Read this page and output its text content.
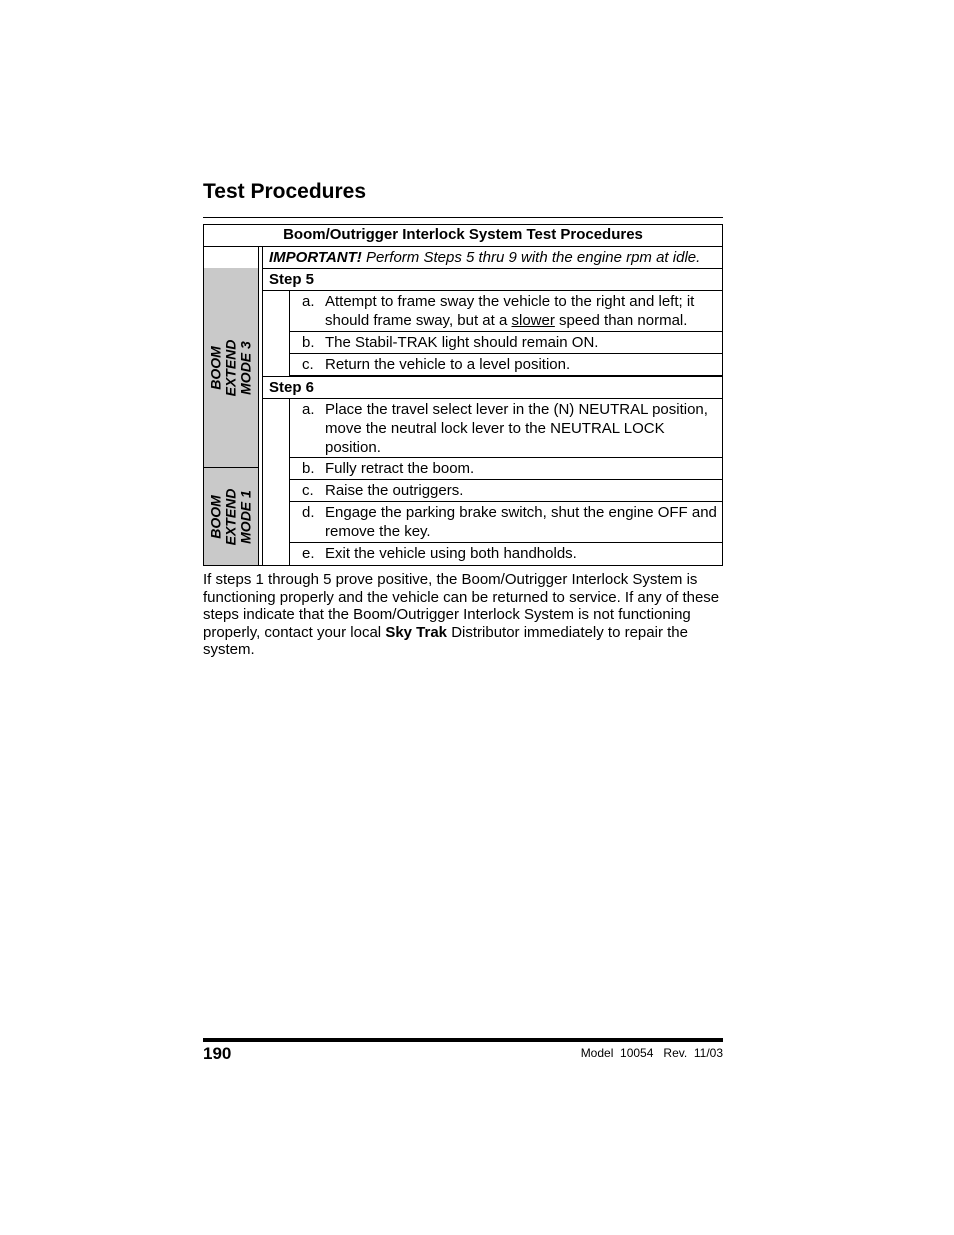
Test Procedures
Boom/Outrigger Interlock System Test Procedures
BOOM EXTEND MODE 3
BOOM EXTEND MODE 1
IMPORTANT! Perform Steps 5 thru 9 with the engine rpm at idle.
Step 5
a. Attempt to frame sway the vehicle to the right and left; it should frame sway, but at a slower speed than normal.
b. The Stabil-TRAK light should remain ON.
c. Return the vehicle to a level position.
Step 6
a. Place the travel select lever in the (N) NEUTRAL position, move the neutral lock lever to the NEUTRAL LOCK position.
b. Fully retract the boom.
c. Raise the outriggers.
d. Engage the parking brake switch, shut the engine OFF and remove the key.
e. Exit the vehicle using both handholds.

If steps 1 through 5 prove positive, the Boom/Outrigger Interlock System is functioning properly and the vehicle can be returned to service. If any of these steps indicate that the Boom/Outrigger Interlock System is not functioning properly, contact your local Sky Trak Distributor immediately to repair the system.

190	Model  10054   Rev.  11/03
